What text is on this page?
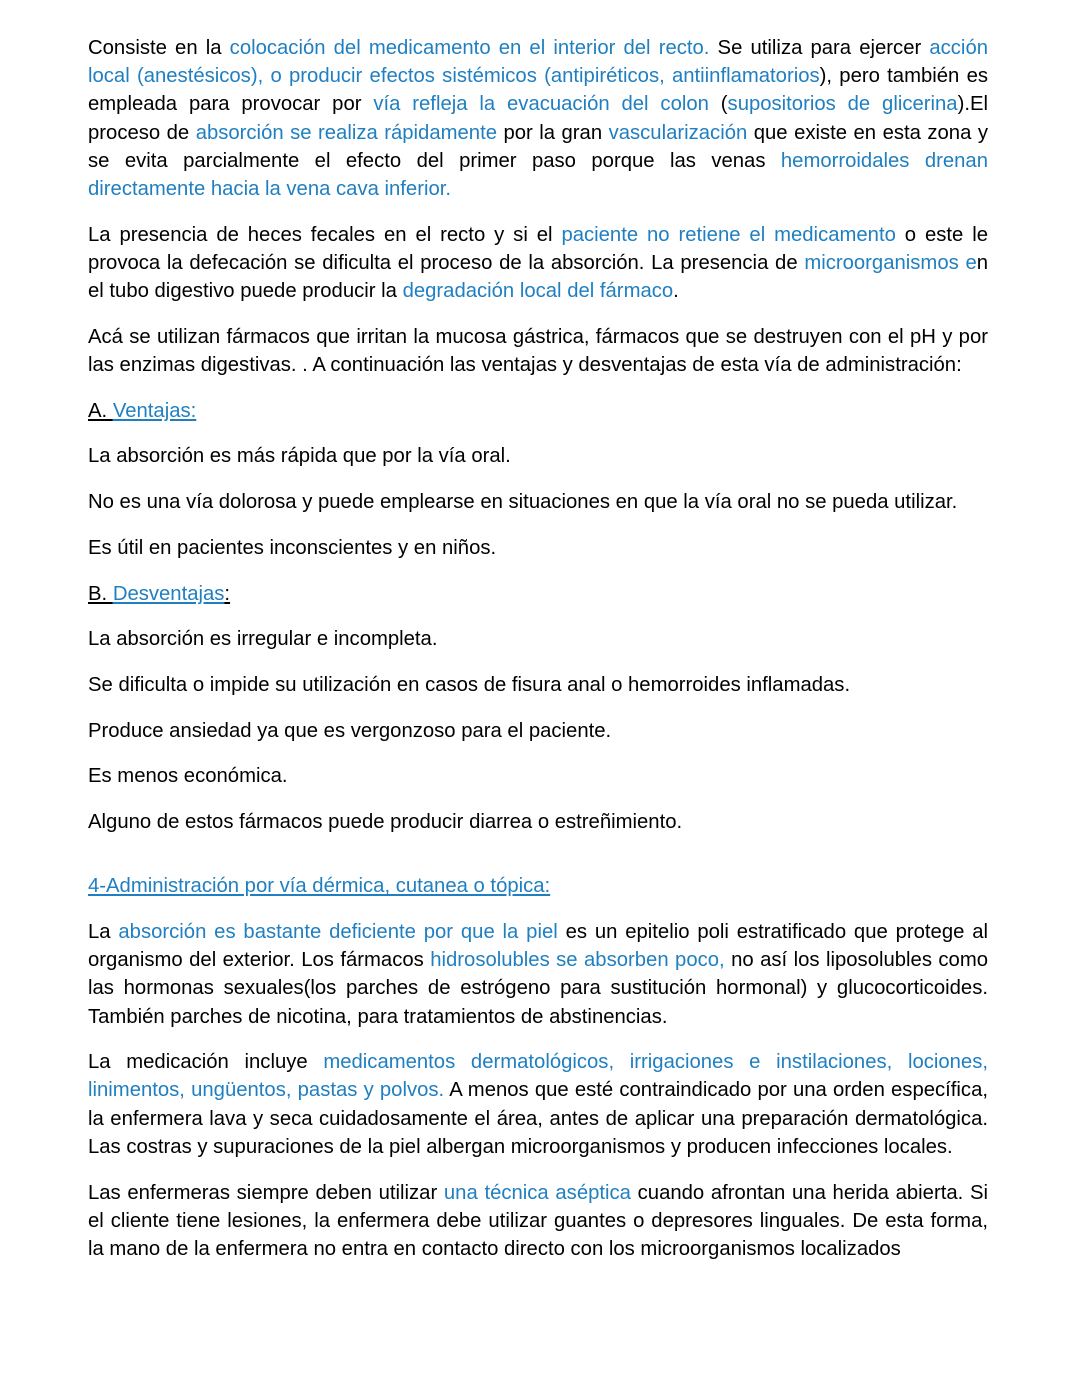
Consiste en la colocación del medicamento en el interior del recto. Se utiliza para ejercer acción local (anestésicos), o producir efectos sistémicos (antipiréticos, antiinflamatorios), pero también es empleada para provocar por vía refleja la evacuación del colon (supositorios de glicerina).El proceso de absorción se realiza rápidamente por la gran vascularización que existe en esta zona y se evita parcialmente el efecto del primer paso porque las venas hemorroidales drenan directamente hacia la vena cava inferior.

La presencia de heces fecales en el recto y si el paciente no retiene el medicamento o este le provoca la defecación se dificulta el proceso de la absorción. La presencia de microorganismos en el tubo digestivo puede producir la degradación local del fármaco.

Acá se utilizan fármacos que irritan la mucosa gástrica, fármacos que se destruyen con el pH y por las enzimas digestivas. . A continuación las ventajas y desventajas de esta vía de administración:

A. Ventajas:

La absorción es más rápida que por la vía oral.

No es una vía dolorosa y puede emplearse en situaciones en que la vía oral no se pueda utilizar.

Es útil en pacientes inconscientes y en niños.

B. Desventajas:

La absorción es irregular e incompleta.

Se dificulta o impide su utilización en casos de fisura anal o hemorroides inflamadas.

Produce ansiedad ya que es vergonzoso para el paciente.

Es menos económica.

Alguno de estos fármacos puede producir diarrea o estreñimiento.

4-Administración por vía dérmica, cutanea o tópica:

La absorción es bastante deficiente por que la piel es un epitelio poli estratificado que protege al organismo del exterior. Los fármacos hidrosolubles se absorben poco, no así los liposolubles como las hormonas sexuales(los parches de estrógeno para sustitución hormonal) y glucocorticoides. También parches de nicotina, para tratamientos de abstinencias.

La medicación incluye medicamentos dermatológicos, irrigaciones e instilaciones, lociones, linimentos, ungüentos, pastas y polvos. A menos que esté contraindicado por una orden específica, la enfermera lava y seca cuidadosamente el área, antes de aplicar una preparación dermatológica. Las costras y supuraciones de la piel albergan microorganismos y producen infecciones locales.

Las enfermeras siempre deben utilizar una técnica aséptica cuando afrontan una herida abierta. Si el cliente tiene lesiones, la enfermera debe utilizar guantes o depresores linguales. De esta forma, la mano de la enfermera no entra en contacto directo con los microorganismos localizados
